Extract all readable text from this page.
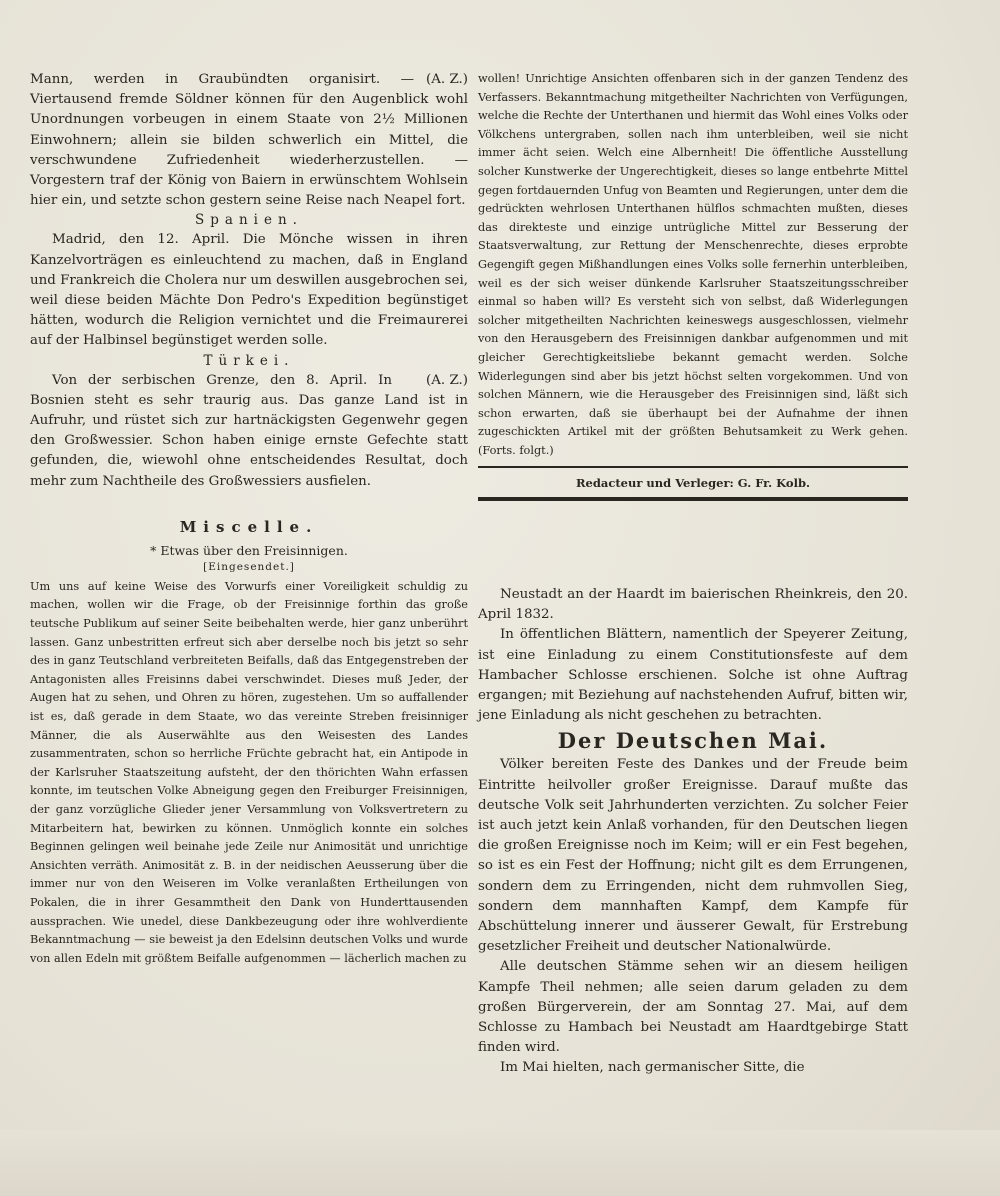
(A. Z.)
Mann, werden in Graubündten organisirt. — Viertausend fremde Söldner können für den Augenblick wohl Unordnungen vorbeugen in einem Staate von 2½ Millionen Einwohnern; allein sie bilden schwerlich ein Mittel, die verschwundene Zufriedenheit wiederherzustellen. — Vorgestern traf der König von Baiern in erwünschtem Wohlsein hier ein, und setzte schon gestern seine Reise nach Neapel fort.

Spanien.

Madrid, den 12. April. Die Mönche wissen in ihren Kanzelvorträgen es einleuchtend zu machen, daß in England und Frankreich die Cholera nur um deswillen ausgebrochen sei, weil diese beiden Mächte Don Pedro's Expedition begünstiget hätten, wodurch die Religion vernichtet und die Freimaurerei auf der Halbinsel begünstiget werden solle.

Türkei.

(A. Z.)
Von der serbischen Grenze, den 8. April. In Bosnien steht es sehr traurig aus. Das ganze Land ist in Aufruhr, und rüstet sich zur hartnäckigsten Gegenwehr gegen den Großwessier. Schon haben einige ernste Gefechte statt gefunden, die, wiewohl ohne entscheidendes Resultat, doch mehr zum Nachtheile des Großwessiers ausfielen.

Miscelle.
* Etwas über den Freisinnigen.
[Eingesendet.]

Um uns auf keine Weise des Vorwurfs einer Voreiligkeit schuldig zu machen, wollen wir die Frage, ob der Freisinnige forthin das große teutsche Publikum auf seiner Seite beibehalten werde, hier ganz unberührt lassen. Ganz unbestritten erfreut sich aber derselbe noch bis jetzt so sehr des in ganz Teutschland verbreiteten Beifalls, daß das Entgegenstreben der Antagonisten alles Freisinns dabei verschwindet. Dieses muß Jeder, der Augen hat zu sehen, und Ohren zu hören, zugestehen. Um so auffallender ist es, daß gerade in dem Staate, wo das vereinte Streben freisinniger Männer, die als Auserwählte aus den Weisesten des Landes zusammentraten, schon so herrliche Früchte gebracht hat, ein Antipode in der Karlsruher Staatszeitung aufsteht, der den thörichten Wahn erfassen konnte, im teutschen Volke Abneigung gegen den Freiburger Freisinnigen, der ganz vorzügliche Glieder jener Versammlung von Volksvertretern zu Mitarbeitern hat, bewirken zu können. Unmöglich konnte ein solches Beginnen gelingen weil beinahe jede Zeile nur Animosität und unrichtige Ansichten verräth. Animosität z. B. in der neidischen Aeusserung über die immer nur von den Weiseren im Volke veranlaßten Ertheilungen von Pokalen, die in ihrer Gesammtheit den Dank von Hunderttausenden aussprachen. Wie unedel, diese Dankbezeugung oder ihre wohlverdiente Bekanntmachung — sie beweist ja den Edelsinn deutschen Volks und wurde von allen Edeln mit größtem Beifalle aufgenommen — lächerlich machen zu

wollen! Unrichtige Ansichten offenbaren sich in der ganzen Tendenz des Verfassers. Bekanntmachung mitgetheilter Nachrichten von Verfügungen, welche die Rechte der Unterthanen und hiermit das Wohl eines Volks oder Völkchens untergraben, sollen nach ihm unterbleiben, weil sie nicht immer ächt seien. Welch eine Albernheit! Die öffentliche Ausstellung solcher Kunstwerke der Ungerechtigkeit, dieses so lange entbehrte Mittel gegen fortdauernden Unfug von Beamten und Regierungen, unter dem die gedrückten wehrlosen Unterthanen hülflos schmachten mußten, dieses das direkteste und einzige untrügliche Mittel zur Besserung der Staatsverwaltung, zur Rettung der Menschenrechte, dieses erprobte Gegengift gegen Mißhandlungen eines Volks solle fernerhin unterbleiben, weil es der sich weiser dünkende Karlsruher Staatszeitungsschreiber einmal so haben will? Es versteht sich von selbst, daß Widerlegungen solcher mitgetheilten Nachrichten keineswegs ausgeschlossen, vielmehr von den Herausgebern des Freisinnigen dankbar aufgenommen und mit gleicher Gerechtigkeitsliebe bekannt gemacht werden. Solche Widerlegungen sind aber bis jetzt höchst selten vorgekommen. Und von solchen Männern, wie die Herausgeber des Freisinnigen sind, läßt sich schon erwarten, daß sie überhaupt bei der Aufnahme der ihnen zugeschickten Artikel mit der größten Behutsamkeit zu Werk gehen. (Forts. folgt.)

Redacteur und Verleger: G. Fr. Kolb.

Neustadt an der Haardt im baierischen Rheinkreis, den 20. April 1832.

In öffentlichen Blättern, namentlich der Speyerer Zeitung, ist eine Einladung zu einem Constitutionsfeste auf dem Hambacher Schlosse erschienen. Solche ist ohne Auftrag ergangen; mit Beziehung auf nachstehenden Aufruf, bitten wir, jene Einladung als nicht geschehen zu betrachten.

Der Deutschen Mai.

Völker bereiten Feste des Dankes und der Freude beim Eintritte heilvoller großer Ereignisse. Darauf mußte das deutsche Volk seit Jahrhunderten verzichten. Zu solcher Feier ist auch jetzt kein Anlaß vorhanden, für den Deutschen liegen die großen Ereignisse noch im Keim; will er ein Fest begehen, so ist es ein Fest der Hoffnung; nicht gilt es dem Errungenen, sondern dem zu Erringenden, nicht dem ruhmvollen Sieg, sondern dem mannhaften Kampf, dem Kampfe für Abschüttelung innerer und äusserer Gewalt, für Erstrebung gesetzlicher Freiheit und deutscher Nationalwürde.

Alle deutschen Stämme sehen wir an diesem heiligen Kampfe Theil nehmen; alle seien darum geladen zu dem großen Bürgerverein, der am Sonntag 27. Mai, auf dem Schlosse zu Hambach bei Neustadt am Haardtgebirge Statt finden wird.

Im Mai hielten, nach germanischer Sitte, die
